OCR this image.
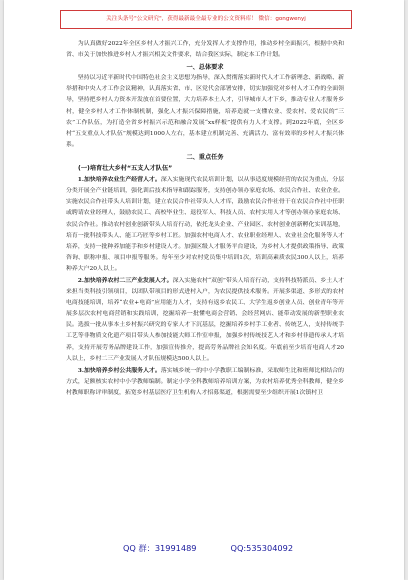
关注头条号"公文研究"，获得最新最全最专业的公文资料库！ 微信：gongwenyj

为认真做好2022年全区乡村人才振兴工作，充分发挥人才支撑作用，推动乡村全面振兴，根据中央和省、市关于加快推进乡村人才振兴相关文件要求，结合我区实际，制定本工作计划。

一、总体要求

坚持以习近平新时代中国特色社会主义思想为指导，深入贯彻落实新时代人才工作新理念、新战略、新举措和中央人才工作会议精神，认真落实省、市、区党代会部署安排，切实加强党对乡村人才工作的全面领导，坚持把乡村人力资本开发放在首要位置，大力培养本土人才，引导城市人才下乡，推动专业人才服务乡村，健全乡村人才工作体制机制，强化人才振兴保障措施，培养造就一支懂农业、爱农村、爱农民的“三农”工作队伍，为打造全省乡村振兴示范和融合发展“xx样板”提供有力人才支撑。到2022年底，全区乡村“五支重点人才队伍”规模达到1000人左右，基本建立机制完善、充满活力、富有效率的乡村人才振兴体系。

二、重点任务

(一)培育壮大乡村“五支人才队伍”

1.加快培养农业生产经营人才。深入实施现代农民培训计划，以从事适度规模经营的农民为重点，分层分类开展全产业链培训，强化训后技术指导和跟踪服务，支持创办领办家庭农场、农民合作社、农业企业。实施农民合作社带头人培训计划，建立农民合作社带头人人才库，鼓励农民合作社骨干在农民合作社中任职或聘请农业经理人，鼓励农民工、高校毕业生、退役军人、科技人员、农村实用人才等创办领办家庭农场、农民合作社。推动农村创业创新带头人培育行动，依托龙头企业、产业园区、农村创业创新孵化实训基地，培育一批科技带头人、能工巧匠等乡村工匠。加强农村电商人才、农业职业经理人、农业社会化服务等人才培养，支持一批种养加能手和乡村建设人才。加强区级人才服务平台建设，为乡村人才提供政策指导、政策咨询、职称申报、项目申报等服务。每年至少对农村党员集中培训1次，培训高素质农民300人以上，培养种养大户20人以上。

2.加快培养农村二三产业发展人才。深入实施农村“双创”带头人培育行动，支持科技特派员、乡土人才来担当类科技引领项目，以团队带项目的形式进村入户，为农民提供技术服务。开展多渠道、多形式的农村电商技能培训，培养“农业+电商”应用能力人才，支持有返乡农民工、大学生返乡创业人员、创业青年等开展多层次农村电商营销和实践培训，挖掘培养一批懂电商会营销、会经营网店、能带动发展的新型职业农民。选拔一批从事本土乡村振兴研究的专家人才下沉基层，挖掘培养乡村手工业者、传统艺人，支持传统手工艺等非物质文化遗产项目带头人参加技能大师工作室申报，加强乡村传统技艺人才和乡村非遗传承人才培养，支持开展劳务品牌建设工作，加强宣传推介，提高劳务品牌社会知名度。年底前至少培育电商人才20人以上，乡村二三产业发展人才队伍规模达500人以上。

3.加快培养乡村公共服务人才。落实城乡统一的中小学教职工编制标准，采取师生比和班师比相结合的方式，足额核实农村中小学教师编制。制定小学全科教师培养培训方案，为农村培养优秀全科教师，健全乡村教师职称评审制度，拓宽乡村基层医疗卫生机构人才招募渠道，根据需要至少组织开展1次镇村卫

QQ 群：31991489	QQ:535304092
